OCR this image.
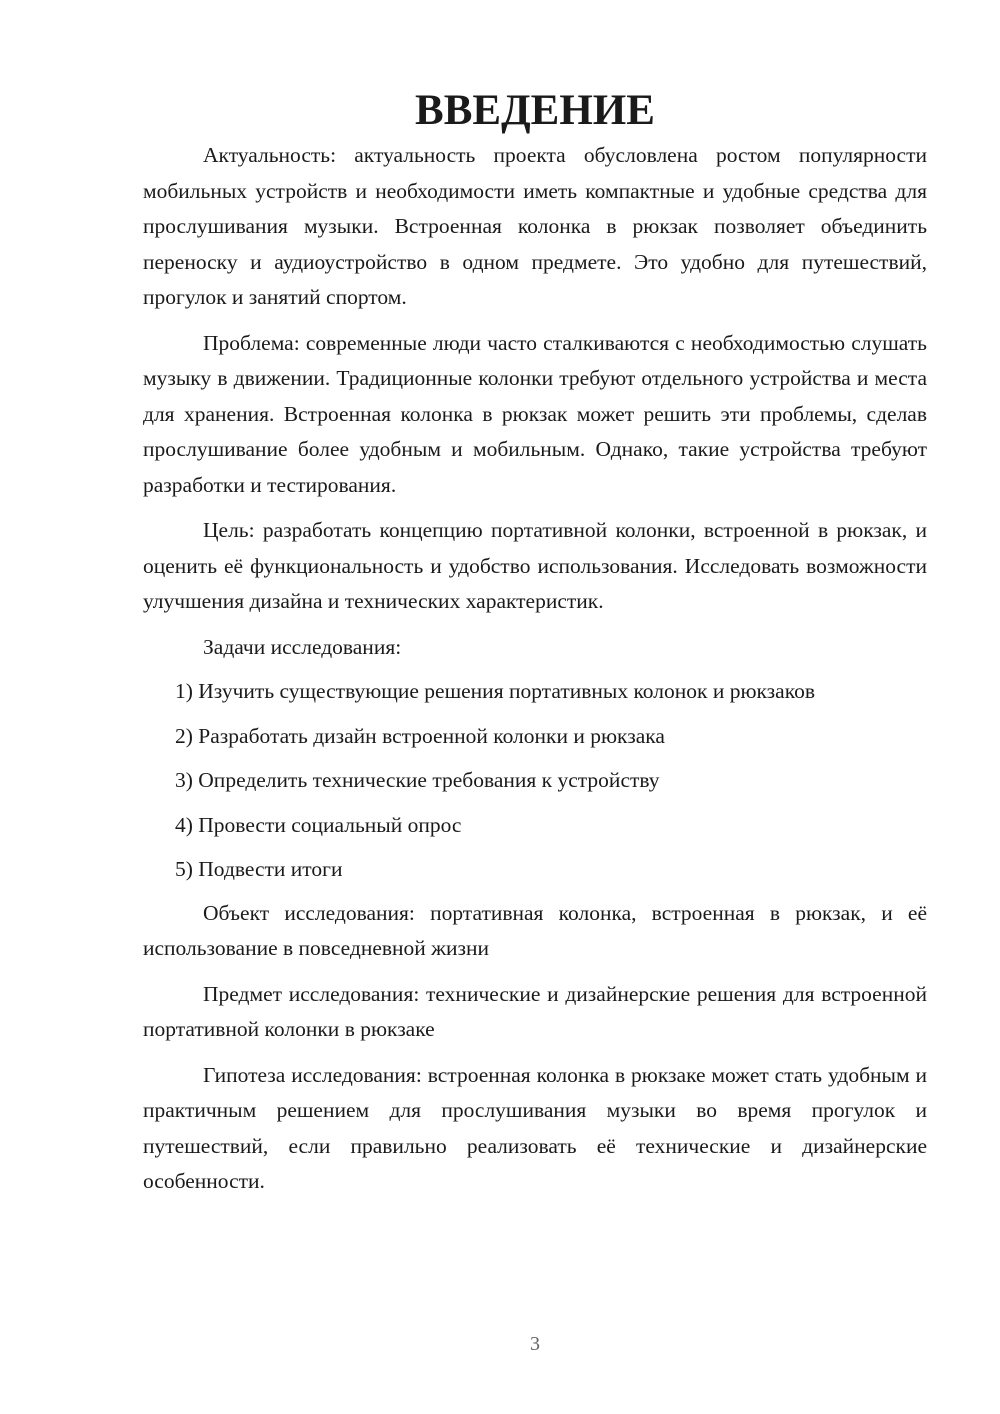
ВВЕДЕНИЕ

Актуальность: актуальность проекта обусловлена ростом популярности мобильных устройств и необходимости иметь компактные и удобные средства для прослушивания музыки. Встроенная колонка в рюкзак позволяет объединить переноску и аудиоустройство в одном предмете. Это удобно для путешествий, прогулок и занятий спортом.

Проблема: современные люди часто сталкиваются с необходимостью слушать музыку в движении. Традиционные колонки требуют отдельного устройства и места для хранения. Встроенная колонка в рюкзак может решить эти проблемы, сделав прослушивание более удобным и мобильным. Однако, такие устройства требуют разработки и тестирования.

Цель: разработать концепцию портативной колонки, встроенной в рюкзак, и оценить её функциональность и удобство использования. Исследовать возможности улучшения дизайна и технических характеристик.

Задачи исследования:

1) Изучить существующие решения портативных колонок и рюкзаков

2) Разработать дизайн встроенной колонки и рюкзака

3) Определить технические требования к устройству

4) Провести социальный опрос

5) Подвести итоги

Объект исследования: портативная колонка, встроенная в рюкзак, и её использование в повседневной жизни

Предмет исследования: технические и дизайнерские решения для встроенной портативной колонки в рюкзаке

Гипотеза исследования: встроенная колонка в рюкзаке может стать удобным и практичным решением для прослушивания музыки во время прогулок и путешествий, если правильно реализовать её технические и дизайнерские особенности.

3
